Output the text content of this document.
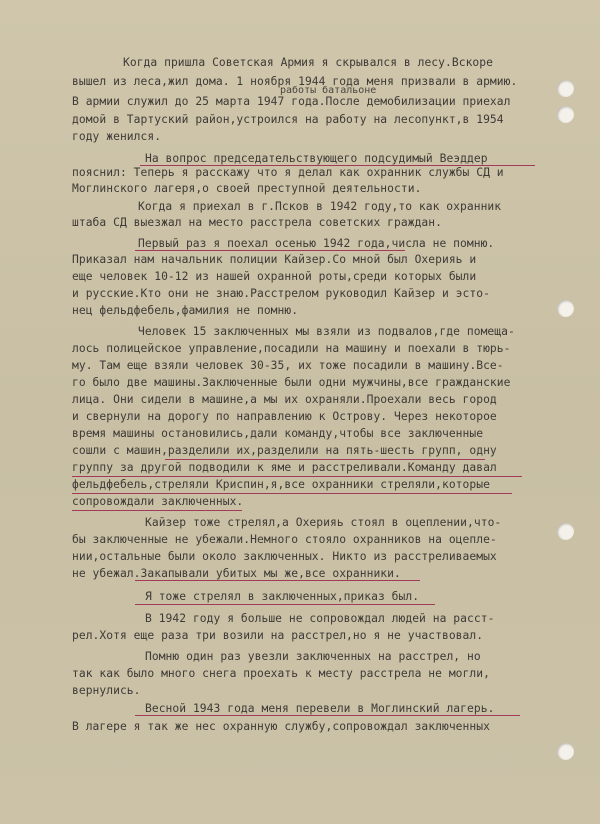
Когда пришла Советская Армия я скрывался в лесу.Вскоре
вышел из леса,жил дома. 1 ноября 1944 года меня призвали в армию.
В армии служил до 25 марта 1947 года.После демобилизации приехал
домой в Тартуский район,устроился на работу на лесопункт,в 1954
году женился.
работы батальоне
На вопрос председательствующего подсудимый Веэддер
пояснил: Теперь я расскажу что я делал как охранник службы СД и
Моглинского лагеря,о своей преступной деятельности.
Когда я приехал в г.Псков в 1942 году,то как охранник
штаба СД выезжал на место расстрела советских граждан.
Первый раз я поехал осенью 1942 года,числа не помню.
Приказал нам начальник полиции Кайзер.Со мной был Охерияь и
еще человек 10-12 из нашей охранной роты,среди которых были
и русские.Кто они не знаю.Расстрелом руководил Кайзер и эсто-
нец фельдфебель,фамилия не помню.
Человек 15 заключенных мы взяли из подвалов,где помеща-
лось полицейское управление,посадили на машину и поехали в тюрь-
му. Там еще взяли человек 30-35, их тоже посадили в машину.Все-
го было две машины.Заключенные были одни мужчины,все гражданские
лица. Они сидели в машине,а мы их охраняли.Проехали весь город
и свернули на дорогу по направлению к Острову. Через некоторое
время машины остановились,дали команду,чтобы все заключенные
сошли с машин,разделили их,разделили на пять-шесть групп, одну
группу за другой подводили к яме и расстреливали.Команду давал
фельдфебель,стреляли Криспин,я,все охранники стреляли,которые
сопровождали заключенных.
Кайзер тоже стрелял,а Охерияь стоял в оцеплении,что-
бы заключенные не убежали.Немного стояло охранников на оцепле-
нии,остальные были около заключенных. Никто из расстреливаемых
не убежал.Закапывали убитых мы же,все охранники.
Я тоже стрелял в заключенных,приказ был.
В 1942 году я больше не сопровождал людей на расст-
рел.Хотя еще раза три возили на расстрел,но я не участвовал.
Помню один раз увезли заключенных на расстрел, но
так как было много снега проехать к месту расстрела не могли,
вернулись.
Весной 1943 года меня перевели в Моглинский лагерь.
В лагере я так же нес охранную службу,сопровождал заключенных
